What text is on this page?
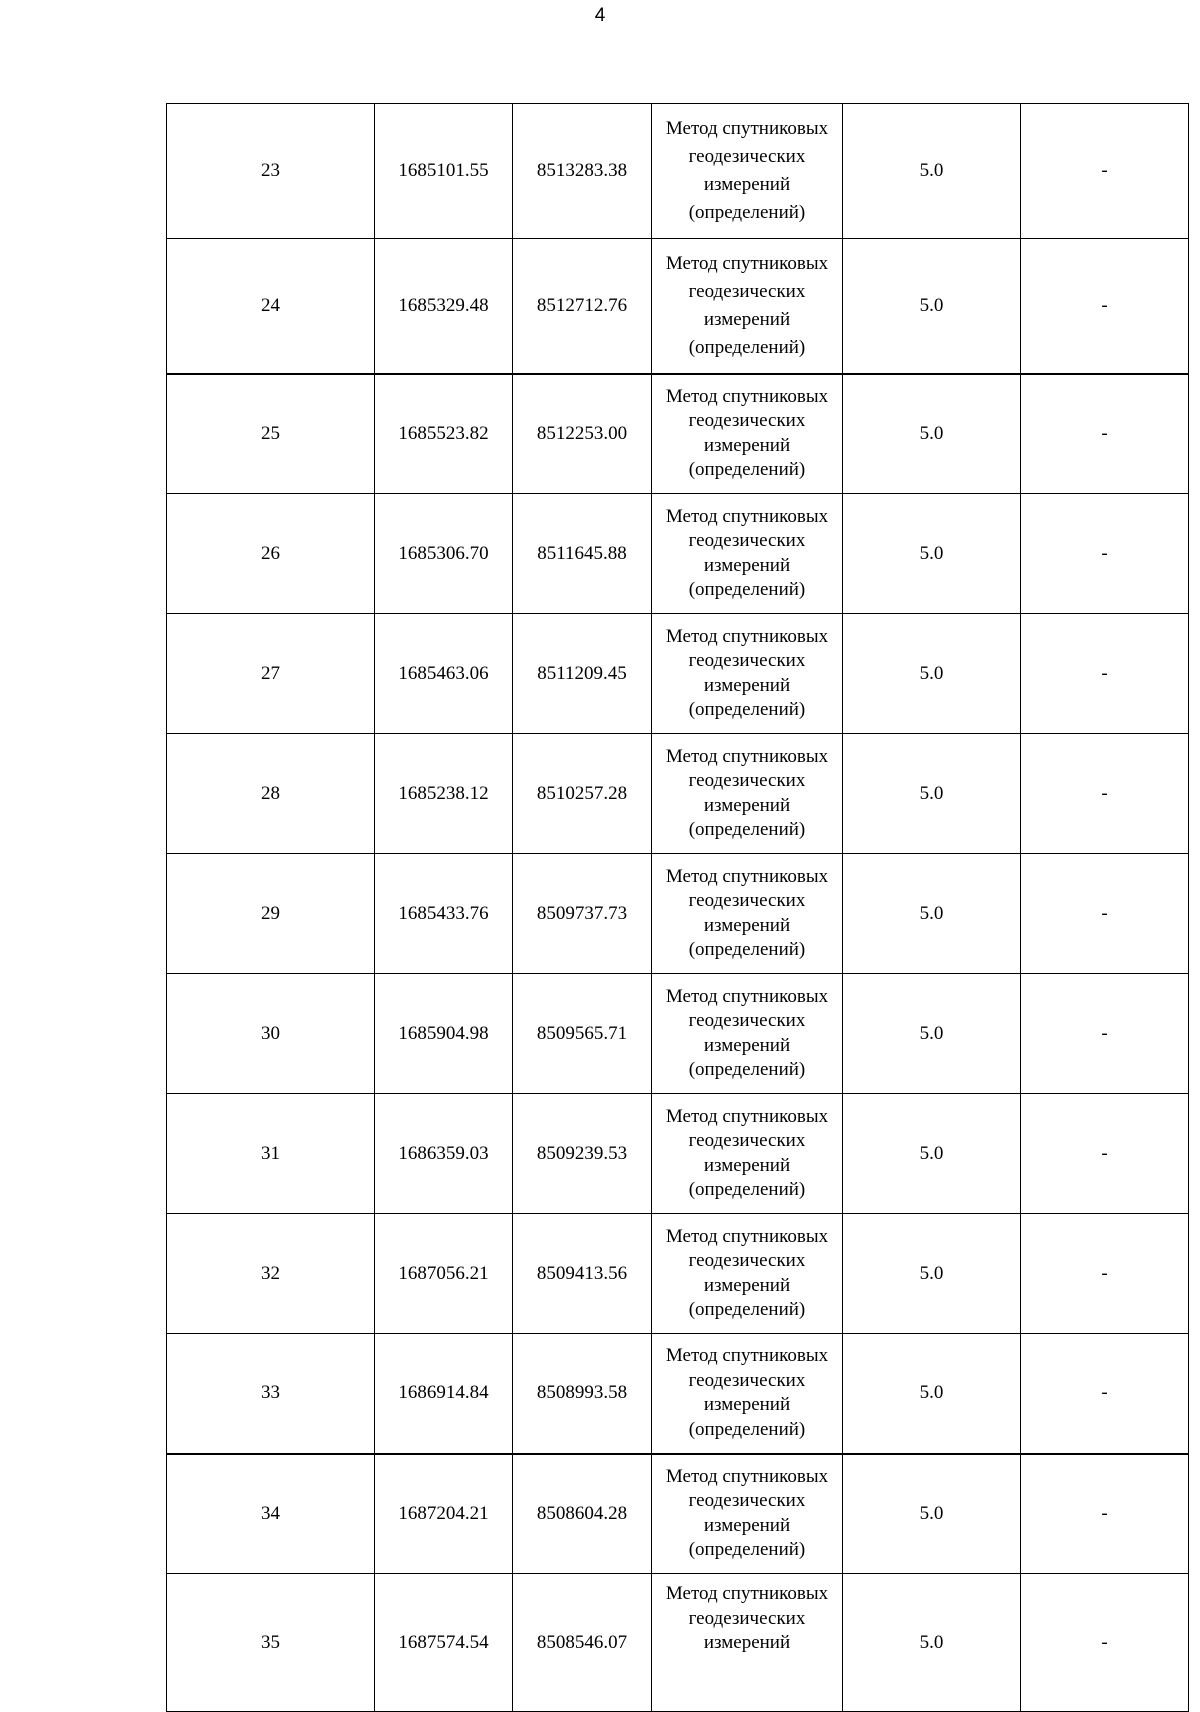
4
23	1685101.55	8513283.38	Метод спутниковых
геодезических
измерений
(определений)	5.0	-
24	1685329.48	8512712.76	Метод спутниковых
геодезических
измерений
(определений)	5.0	-
25	1685523.82	8512253.00	Метод спутниковых
геодезических
измерений
(определений)	5.0	-
26	1685306.70	8511645.88	Метод спутниковых
геодезических
измерений
(определений)	5.0	-
27	1685463.06	8511209.45	Метод спутниковых
геодезических
измерений
(определений)	5.0	-
28	1685238.12	8510257.28	Метод спутниковых
геодезических
измерений
(определений)	5.0	-
29	1685433.76	8509737.73	Метод спутниковых
геодезических
измерений
(определений)	5.0	-
30	1685904.98	8509565.71	Метод спутниковых
геодезических
измерений
(определений)	5.0	-
31	1686359.03	8509239.53	Метод спутниковых
геодезических
измерений
(определений)	5.0	-
32	1687056.21	8509413.56	Метод спутниковых
геодезических
измерений
(определений)	5.0	-
33	1686914.84	8508993.58	Метод спутниковых
геодезических
измерений
(определений)	5.0	-
34	1687204.21	8508604.28	Метод спутниковых
геодезических
измерений
(определений)	5.0	-
35	1687574.54	8508546.07	Метод спутниковых
геодезических
измерений	5.0	-
